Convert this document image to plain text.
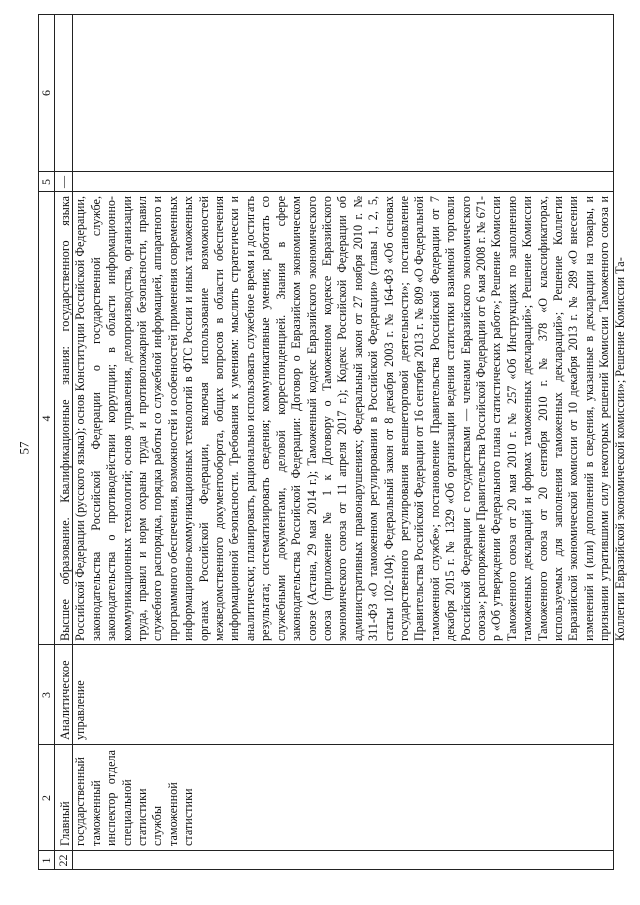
57
1
2
3
4
5
6
22
Главный государственный таможенный инспектор отдела специальной статистики службы таможенной статистики
Аналитическое управление
Высшее образование. Квалификационные знания: государственного языка Российской Федерации (русского языка); основ Конституции Российской Федерации, законодательства Российской Федерации о государственной службе, законодательства о противодействии коррупции; в области информационно-коммуникационных технологий; основ управления, делопроизводства, организации труда, правил и норм охраны труда и противопожарной безопасности, правил служебного распорядка, порядка работы со служебной информацией, аппаратного и программного обеспечения, возможностей и особенностей применения современных информационно-коммуникационных технологий в ФТС России и иных таможенных органах Российской Федерации, включая использование возможностей межведомственного документооборота, общих вопросов в области обеспечения информационной безопасности. Требования к умениям: мыслить стратегически и аналитически; планировать, рационально использовать служебное время и достигать результата; систематизировать сведения; коммуникативные умения; работать со служебными документами, деловой корреспонденцией. Знания в сфере законодательства Российской Федерации: Договор о Евразийском экономическом союзе (Астана, 29 мая 2014 г.); Таможенный кодекс Евразийского экономического союза (приложение № 1 к Договору о Таможенном кодексе Евразийского экономического союза от 11 апреля 2017 г.); Кодекс Российской Федерации об административных правонарушениях; Федеральный закон от 27 ноября 2010 г. № 311-ФЗ «О таможенном регулировании в Российской Федерации» (главы 1, 2, 5, статьи 102-104); Федеральный закон от 8 декабря 2003 г. № 164-ФЗ «Об основах государственного регулирования внешнеторговой деятельности»; постановление Правительства Российской Федерации от 16 сентября 2013 г. № 809 «О Федеральной таможенной службе»; постановление Правительства Российской Федерации от 7 декабря 2015 г. № 1329 «Об организации ведения статистики взаимной торговли Российской Федерации с государствами — членами Евразийского экономического союза»; распоряжение Правительства Российской Федерации от 6 мая 2008 г. № 671-р «Об утверждении Федерального плана статистических работ»; Решение Комиссии Таможенного союза от 20 мая 2010 г. № 257 «Об Инструкциях по заполнению таможенных деклараций и формах таможенных деклараций»; Решение Комиссии Таможенного союза от 20 сентября 2010 г. № 378 «О классификаторах, используемых для заполнения таможенных деклараций»; Решение Коллегии Евразийской экономической комиссии от 10 декабря 2013 г. № 289 «О внесении изменений и (или) дополнений в сведения, указанные в декларации на товары, и признании утратившими силу некоторых решений Комиссии Таможенного союза и Коллегии Евразийской экономической комиссии»; Решение Комиссии Та-
—
